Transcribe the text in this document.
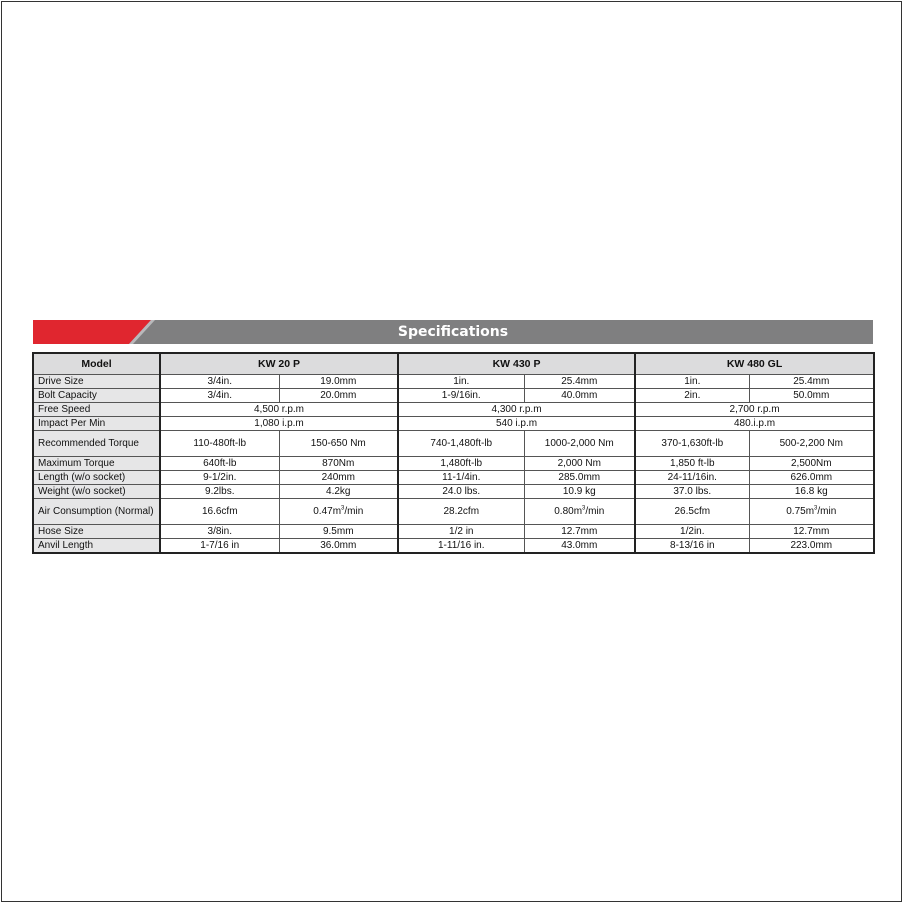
Specifications
Model	KW 20 P		KW 430 P		KW 480 GL	
Drive Size	3/4in.	19.0mm	1in.	25.4mm	1in.	25.4mm
Bolt Capacity	3/4in.	20.0mm	1-9/16in.	40.0mm	2in.	50.0mm
Free Speed	4,500 r.p.m		4,300 r.p.m		2,700 r.p.m	
Impact Per Min	1,080 i.p.m		540 i.p.m		480.i.p.m	
Recommended Torque	110-480ft-lb	150-650 Nm	740-1,480ft-lb	1000-2,000 Nm	370-1,630ft-lb	500-2,200 Nm
Maximum Torque	640ft-lb	870Nm	1,480ft-lb	2,000 Nm	1,850 ft-lb	2,500Nm
Length (w/o socket)	9-1/2in.	240mm	11-1/4in.	285.0mm	24-11/16in.	626.0mm
Weight (w/o socket)	9.2lbs.	4.2kg	24.0 lbs.	10.9 kg	37.0 lbs.	16.8 kg
Air Consumption (Normal)	16.6cfm	$0.47m^3/\min$	28.2cfm	$0.80m^3/\min$	26.5cfm	$0.75m^3/\min$
Hose Size	3/8in.	9.5mm	1/2 in	12.7mm	1/2in.	12.7mm
Anvil Length	1-7/16 in	36.0mm	1-11/16 in.	43.0mm	8-13/16 in	223.0mm
